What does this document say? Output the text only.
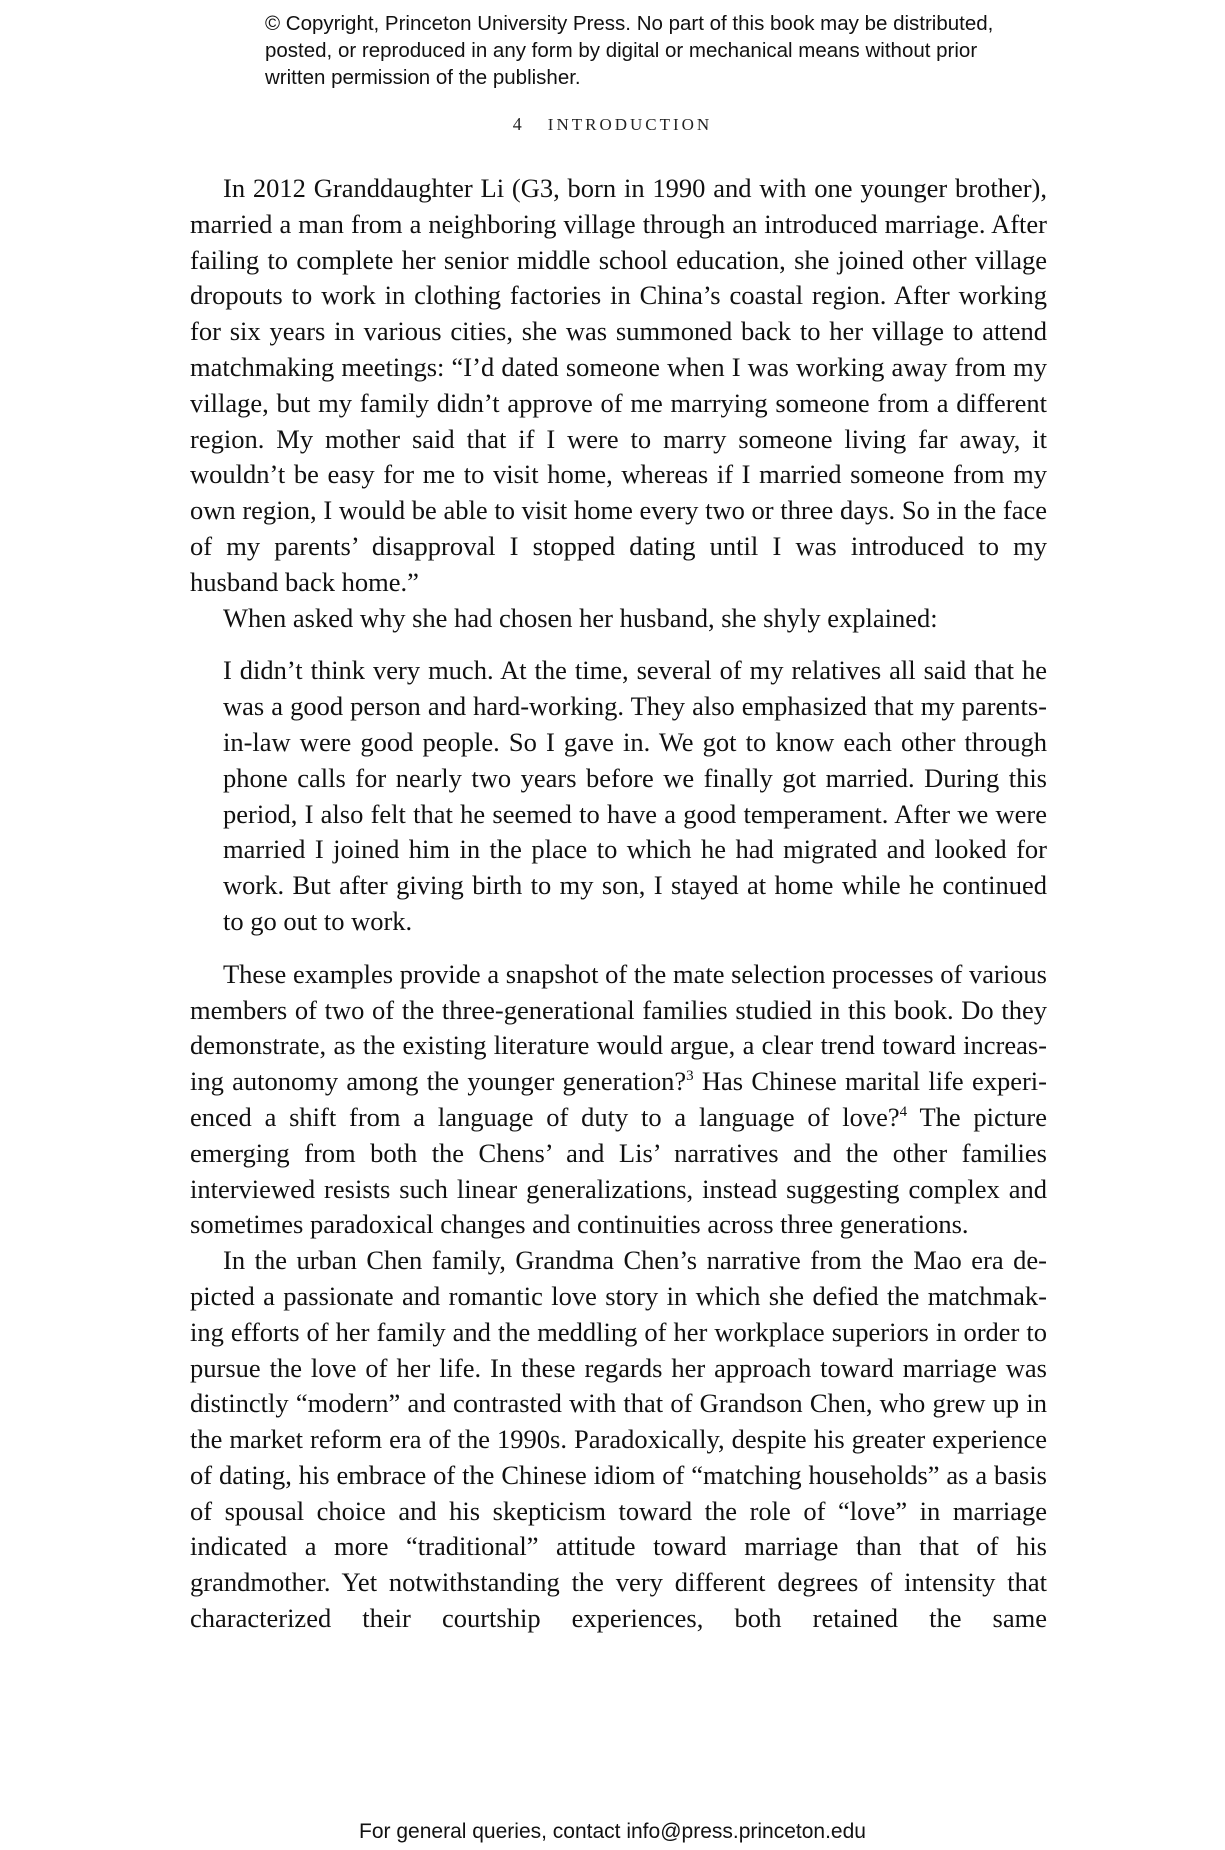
© Copyright, Princeton University Press. No part of this book may be distributed, posted, or reproduced in any form by digital or mechanical means without prior written permission of the publisher.
4 INTRODUCTION

In 2012 Granddaughter Li (G3, born in 1990 and with one younger brother), married a man from a neighboring village through an introduced marriage. After failing to complete her senior middle school education, she joined other village dropouts to work in clothing factories in China’s coastal region. After working for six years in various cities, she was summoned back to her village to attend matchmaking meetings: “I’d dated someone when I was working away from my village, but my family didn’t approve of me marrying someone from a different region. My mother said that if I were to marry someone living far away, it wouldn’t be easy for me to visit home, whereas if I married someone from my own region, I would be able to visit home every two or three days. So in the face of my parents’ disapproval I stopped dating until I was introduced to my husband back home.”

When asked why she had chosen her husband, she shyly explained:

I didn’t think very much. At the time, several of my relatives all said that he was a good person and hard-working. They also emphasized that my parents-in-law were good people. So I gave in. We got to know each other through phone calls for nearly two years before we finally got married. During this period, I also felt that he seemed to have a good temperament. After we were married I joined him in the place to which he had migrated and looked for work. But after giving birth to my son, I stayed at home while he continued to go out to work.

These examples provide a snapshot of the mate selection processes of various members of two of the three-generational families studied in this book. Do they demonstrate, as the existing literature would argue, a clear trend toward increasing autonomy among the younger generation?$^3$ Has Chinese marital life experienced a shift from a language of duty to a language of love?$^4$ The picture emerging from both the Chens’ and Lis’ narratives and the other families interviewed resists such linear generalizations, instead suggesting complex and sometimes paradoxical changes and continuities across three generations.

In the urban Chen family, Grandma Chen’s narrative from the Mao era depicted a passionate and romantic love story in which she defied the matchmaking efforts of her family and the meddling of her workplace superiors in order to pursue the love of her life. In these regards her approach toward marriage was distinctly “modern” and contrasted with that of Grandson Chen, who grew up in the market reform era of the 1990s. Paradoxically, despite his greater experience of dating, his embrace of the Chinese idiom of “matching households” as a basis of spousal choice and his skepticism toward the role of “love” in marriage indicated a more “traditional” attitude toward marriage than that of his grandmother. Yet notwithstanding the very different degrees of intensity that characterized their courtship experiences, both retained the same

For general queries, contact info@press.princeton.edu
